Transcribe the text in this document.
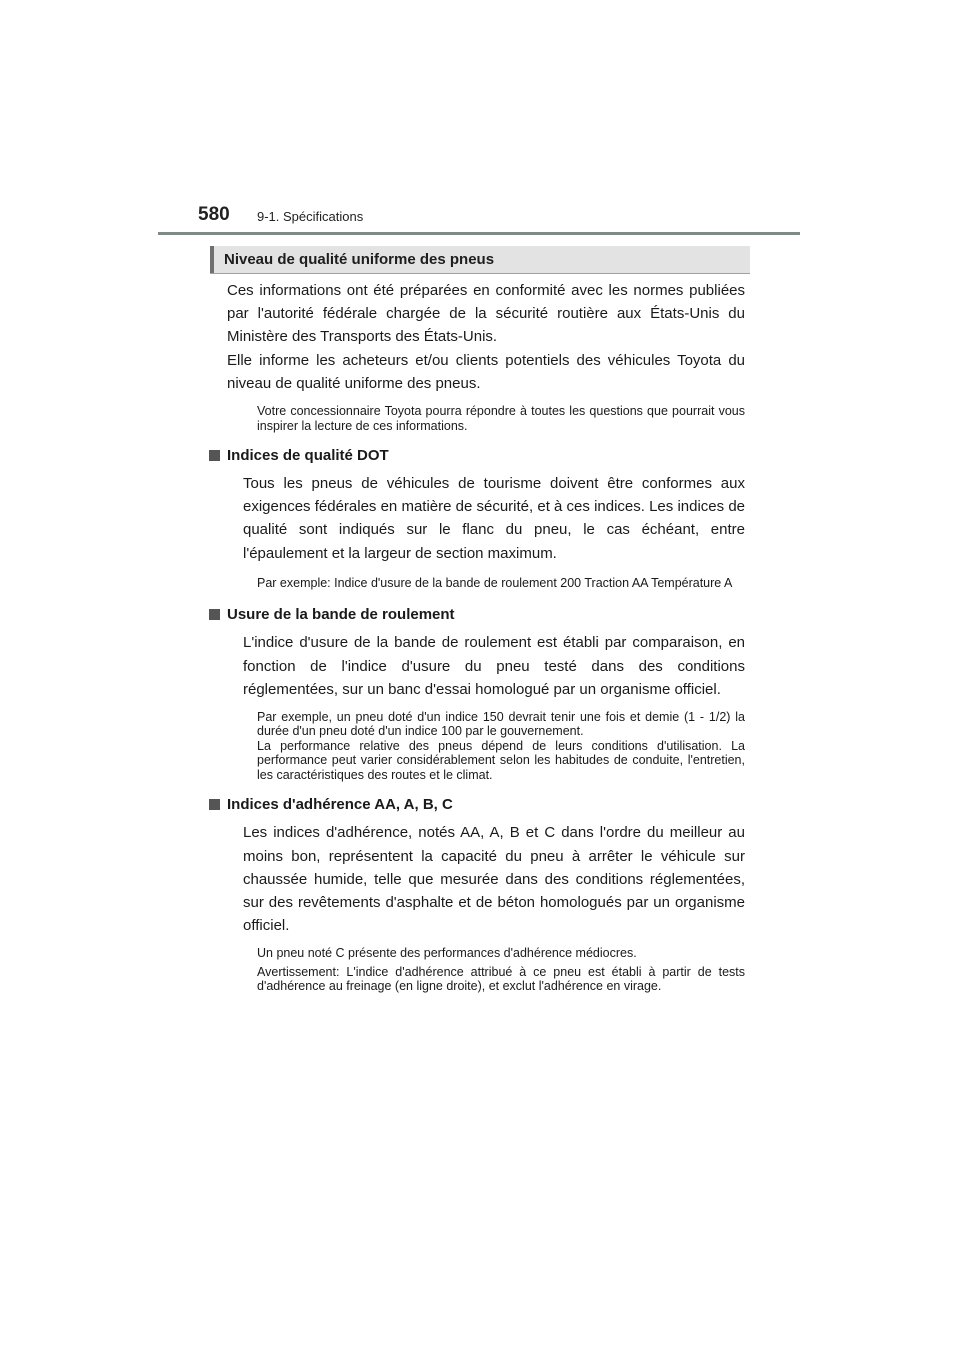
580 9-1. Spécifications
Niveau de qualité uniforme des pneus

Ces informations ont été préparées en conformité avec les normes publiées par l'autorité fédérale chargée de la sécurité routière aux États-Unis du Ministère des Transports des États-Unis.

Elle informe les acheteurs et/ou clients potentiels des véhicules Toyota du niveau de qualité uniforme des pneus.

Votre concessionnaire Toyota pourra répondre à toutes les questions que pourrait vous inspirer la lecture de ces informations.

Indices de qualité DOT

Tous les pneus de véhicules de tourisme doivent être conformes aux exigences fédérales en matière de sécurité, et à ces indices. Les indices de qualité sont indiqués sur le flanc du pneu, le cas échéant, entre l'épaulement et la largeur de section maximum.

Par exemple: Indice d'usure de la bande de roulement 200 Traction AA Température A

Usure de la bande de roulement

L'indice d'usure de la bande de roulement est établi par comparaison, en fonction de l'indice d'usure du pneu testé dans des conditions réglementées, sur un banc d'essai homologué par un organisme officiel.

Par exemple, un pneu doté d'un indice 150 devrait tenir une fois et demie (1 - 1/2) la durée d'un pneu doté d'un indice 100 par le gouvernement.

La performance relative des pneus dépend de leurs conditions d'utilisation. La performance peut varier considérablement selon les habitudes de conduite, l'entretien, les caractéristiques des routes et le climat.

Indices d'adhérence AA, A, B, C

Les indices d'adhérence, notés AA, A, B et C dans l'ordre du meilleur au moins bon, représentent la capacité du pneu à arrêter le véhicule sur chaussée humide, telle que mesurée dans des conditions réglementées, sur des revêtements d'asphalte et de béton homologués par un organisme officiel.

Un pneu noté C présente des performances d'adhérence médiocres.

Avertissement: L'indice d'adhérence attribué à ce pneu est établi à partir de tests d'adhérence au freinage (en ligne droite), et exclut l'adhérence en virage.
